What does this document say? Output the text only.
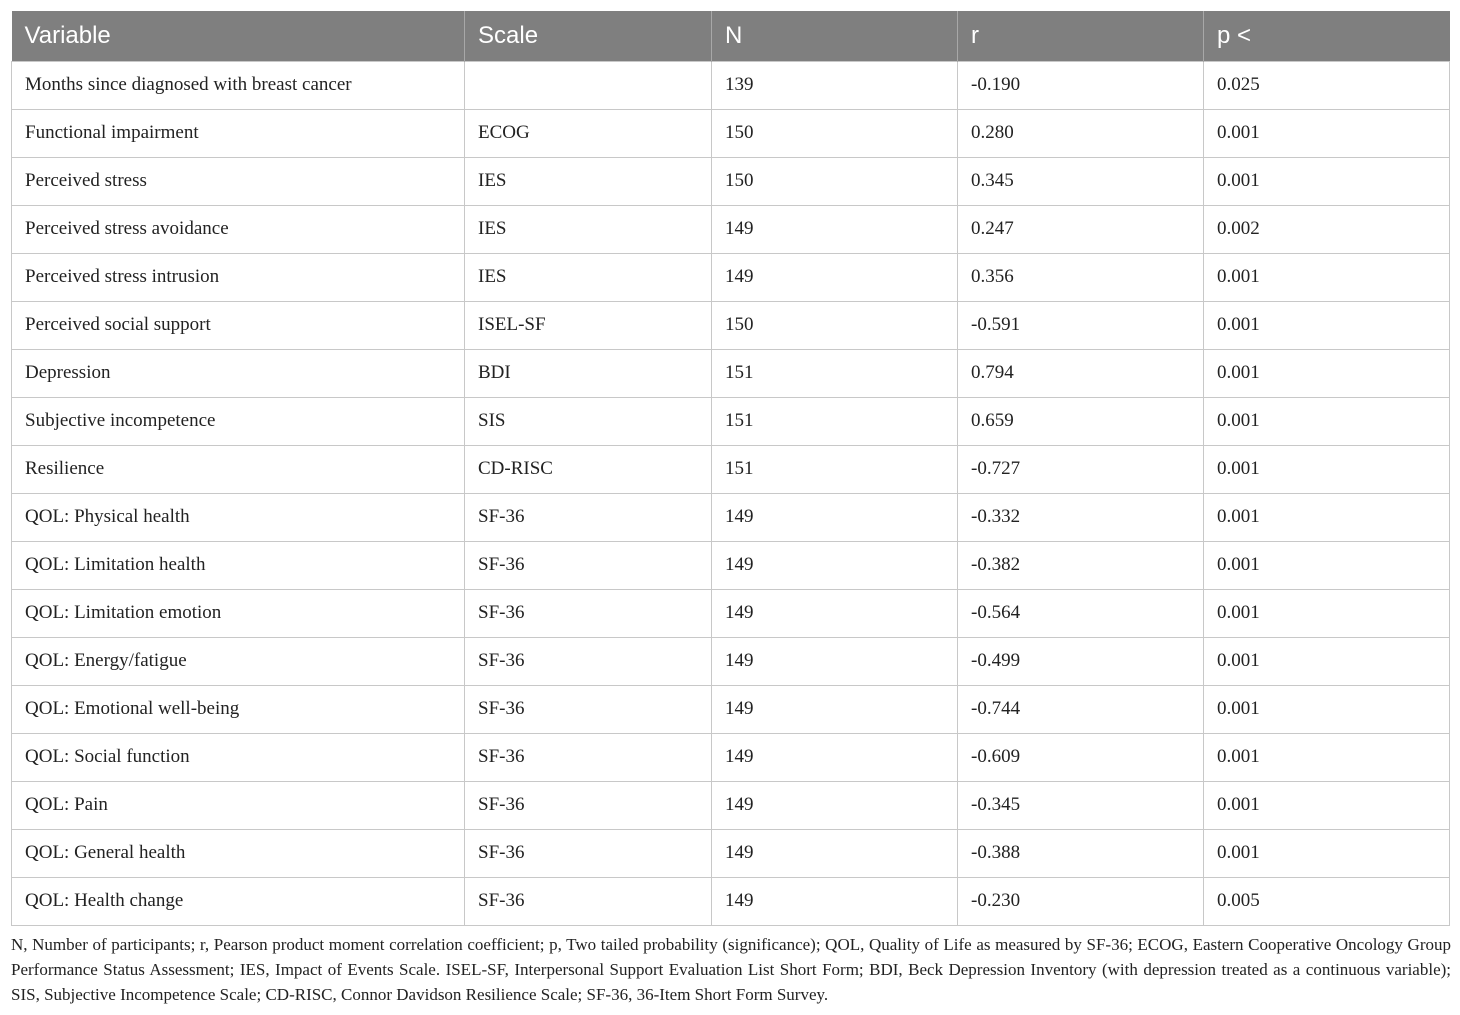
Variable	Scale	N	r	p <
Months since diagnosed with breast cancer		139	-0.190	0.025
Functional impairment	ECOG	150	0.280	0.001
Perceived stress	IES	150	0.345	0.001
Perceived stress avoidance	IES	149	0.247	0.002
Perceived stress intrusion	IES	149	0.356	0.001
Perceived social support	ISEL-SF	150	-0.591	0.001
Depression	BDI	151	0.794	0.001
Subjective incompetence	SIS	151	0.659	0.001
Resilience	CD-RISC	151	-0.727	0.001
QOL: Physical health	SF-36	149	-0.332	0.001
QOL: Limitation health	SF-36	149	-0.382	0.001
QOL: Limitation emotion	SF-36	149	-0.564	0.001
QOL: Energy/fatigue	SF-36	149	-0.499	0.001
QOL: Emotional well-being	SF-36	149	-0.744	0.001
QOL: Social function	SF-36	149	-0.609	0.001
QOL: Pain	SF-36	149	-0.345	0.001
QOL: General health	SF-36	149	-0.388	0.001
QOL: Health change	SF-36	149	-0.230	0.005
N, Number of participants; r, Pearson product moment correlation coefficient; p, Two tailed probability (significance); QOL, Quality of Life as measured by SF-36; ECOG, Eastern Cooperative Oncology Group Performance Status Assessment; IES, Impact of Events Scale. ISEL-SF, Interpersonal Support Evaluation List Short Form; BDI, Beck Depression Inventory (with depression treated as a continuous variable); SIS, Subjective Incompetence Scale; CD-RISC, Connor Davidson Resilience Scale; SF-36, 36-Item Short Form Survey.
